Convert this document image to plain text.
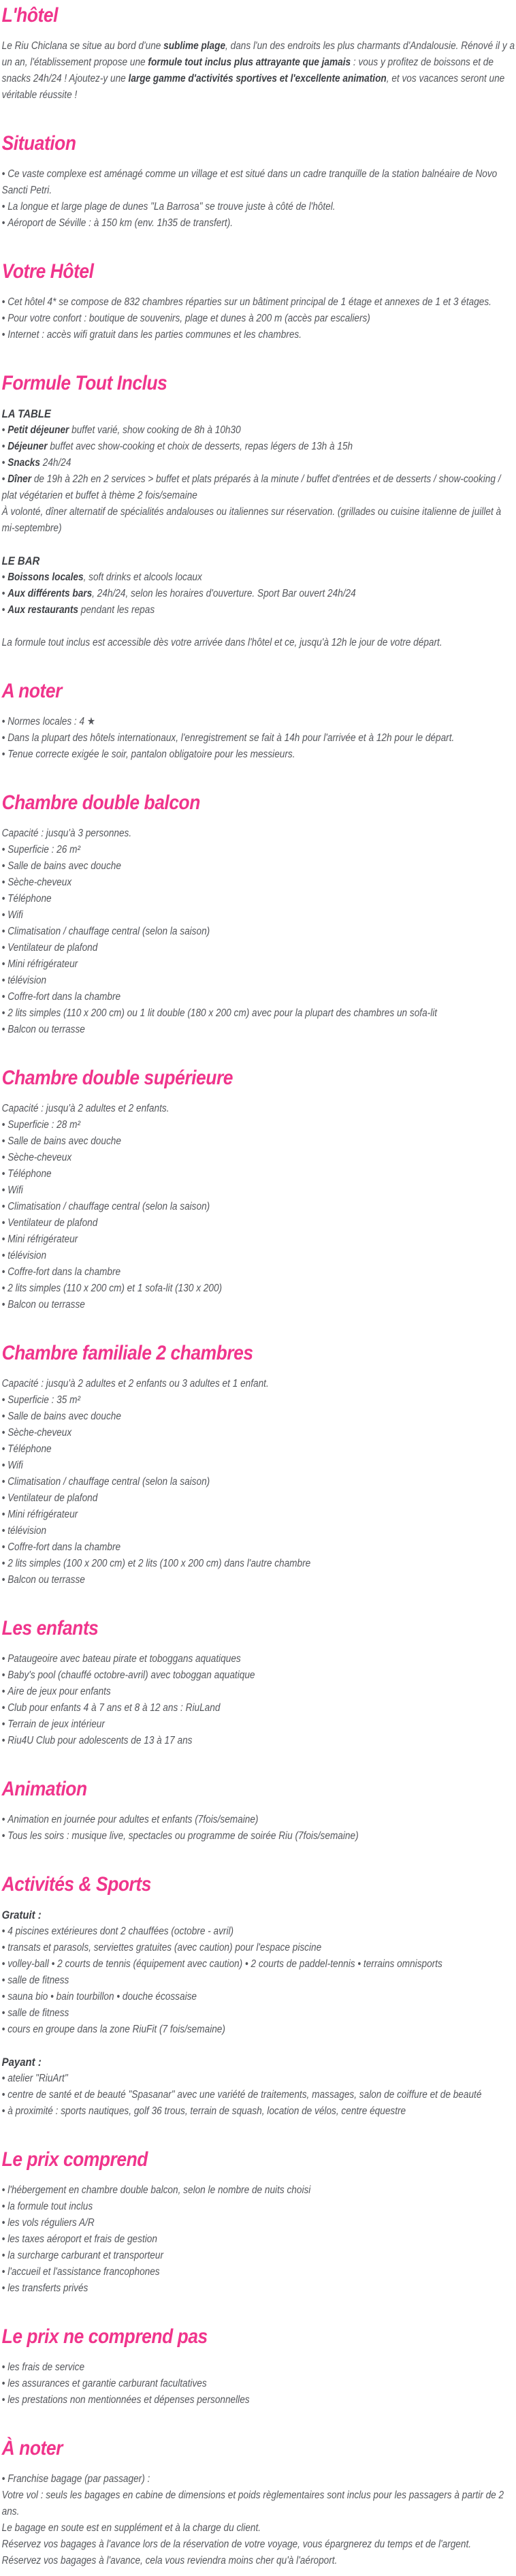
L'hôtel

Le Riu Chiclana se situe au bord d'une sublime plage, dans l'un des endroits les plus charmants d'Andalousie. Rénové il y a un an, l'établissement propose une formule tout inclus plus attrayante que jamais : vous y profitez de boissons et de snacks 24h/24 ! Ajoutez-y une large gamme d'activités sportives et l'excellente animation, et vos vacances seront une véritable réussite !

Situation
• Ce vaste complexe est aménagé comme un village et est situé dans un cadre tranquille de la station balnéaire de Novo Sancti Petri.
• La longue et large plage de dunes "La Barrosa" se trouve juste à côté de l'hôtel.
• Aéroport de Séville : à 150 km (env. 1h35 de transfert).
Votre Hôtel
• Cet hôtel 4* se compose de 832 chambres réparties sur un bâtiment principal de 1 étage et annexes de 1 et 3 étages.
• Pour votre confort : boutique de souvenirs, plage et dunes à 200 m (accès par escaliers)
• Internet : accès wifi gratuit dans les parties communes et les chambres.
Formule Tout Inclus
LA TABLE
• Petit déjeuner buffet varié, show cooking de 8h à 10h30
• Déjeuner buffet avec show-cooking et choix de desserts, repas légers de 13h à 15h
• Snacks 24h/24
• Dîner de 19h à 22h en 2 services > buffet et plats préparés à la minute / buffet d'entrées et de desserts / show-cooking / plat végétarien et buffet à thème 2 fois/semaine

À volonté, dîner alternatif de spécialités andalouses ou italiennes sur réservation. (grillades ou cuisine italienne de juillet à mi-septembre)

LE BAR
• Boissons locales, soft drinks et alcools locaux
• Aux différents bars, 24h/24, selon les horaires d'ouverture. Sport Bar ouvert 24h/24
• Aux restaurants pendant les repas

La formule tout inclus est accessible dès votre arrivée dans l'hôtel et ce, jusqu'à 12h le jour de votre départ.

A noter
• Normes locales : 4 ★
• Dans la plupart des hôtels internationaux, l'enregistrement se fait à 14h pour l'arrivée et à 12h pour le départ.
• Tenue correcte exigée le soir, pantalon obligatoire pour les messieurs.
Chambre double balcon

Capacité : jusqu'à 3 personnes.

• Superficie : 26 m²
• Salle de bains avec douche
• Sèche-cheveux
• Téléphone
• Wifi
• Climatisation / chauffage central (selon la saison)
• Ventilateur de plafond
• Mini réfrigérateur
• télévision
• Coffre-fort dans la chambre
• 2 lits simples (110 x 200 cm) ou 1 lit double (180 x 200 cm) avec pour la plupart des chambres un sofa-lit
• Balcon ou terrasse
Chambre double supérieure

Capacité : jusqu'à 2 adultes et 2 enfants.

• Superficie : 28 m²
• Salle de bains avec douche
• Sèche-cheveux
• Téléphone
• Wifi
• Climatisation / chauffage central (selon la saison)
• Ventilateur de plafond
• Mini réfrigérateur
• télévision
• Coffre-fort dans la chambre
• 2 lits simples (110 x 200 cm) et 1 sofa-lit (130 x 200)
• Balcon ou terrasse
Chambre familiale 2 chambres

Capacité : jusqu'à 2 adultes et 2 enfants ou 3 adultes et 1 enfant.

• Superficie : 35 m²
• Salle de bains avec douche
• Sèche-cheveux
• Téléphone
• Wifi
• Climatisation / chauffage central (selon la saison)
• Ventilateur de plafond
• Mini réfrigérateur
• télévision
• Coffre-fort dans la chambre
• 2 lits simples (100 x 200 cm) et 2 lits (100 x 200 cm) dans l'autre chambre
• Balcon ou terrasse
Les enfants
• Pataugeoire avec bateau pirate et toboggans aquatiques
• Baby's pool (chauffé octobre-avril) avec toboggan aquatique
• Aire de jeux pour enfants
• Club pour enfants 4 à 7 ans et 8 à 12 ans : RiuLand
• Terrain de jeux intérieur
• Riu4U Club pour adolescents de 13 à 17 ans
Animation
• Animation en journée pour adultes et enfants (7fois/semaine)
• Tous les soirs : musique live, spectacles ou programme de soirée Riu (7fois/semaine)
Activités & Sports
Gratuit :
• 4 piscines extérieures dont 2 chauffées (octobre - avril)
• transats et parasols, serviettes gratuites (avec caution) pour l'espace piscine
• volley-ball • 2 courts de tennis (équipement avec caution) • 2 courts de paddel-tennis • terrains omnisports
• salle de fitness
• sauna bio • bain tourbillon • douche écossaise
• salle de fitness
• cours en groupe dans la zone RiuFit (7 fois/semaine)
Payant :
• atelier "RiuArt"
• centre de santé et de beauté "Spasanar" avec une variété de traitements, massages, salon de coiffure et de beauté
• à proximité : sports nautiques, golf 36 trous, terrain de squash, location de vélos, centre équestre
Le prix comprend
• l'hébergement en chambre double balcon, selon le nombre de nuits choisi
• la formule tout inclus
• les vols réguliers A/R
• les taxes aéroport et frais de gestion
• la surcharge carburant et transporteur
• l'accueil et l'assistance francophones
• les transferts privés
Le prix ne comprend pas
• les frais de service
• les assurances et garantie carburant facultatives
• les prestations non mentionnées et dépenses personnelles
À noter
• Franchise bagage (par passager) :

Votre vol : seuls les bagages en cabine de dimensions et poids règlementaires sont inclus pour les passagers à partir de 2 ans.

Le bagage en soute est en supplément et à la charge du client.

Réservez vos bagages à l'avance lors de la réservation de votre voyage, vous épargnerez du temps et de l'argent.

Réservez vos bagages à l'avance, cela vous reviendra moins cher qu'à l'aéroport.
